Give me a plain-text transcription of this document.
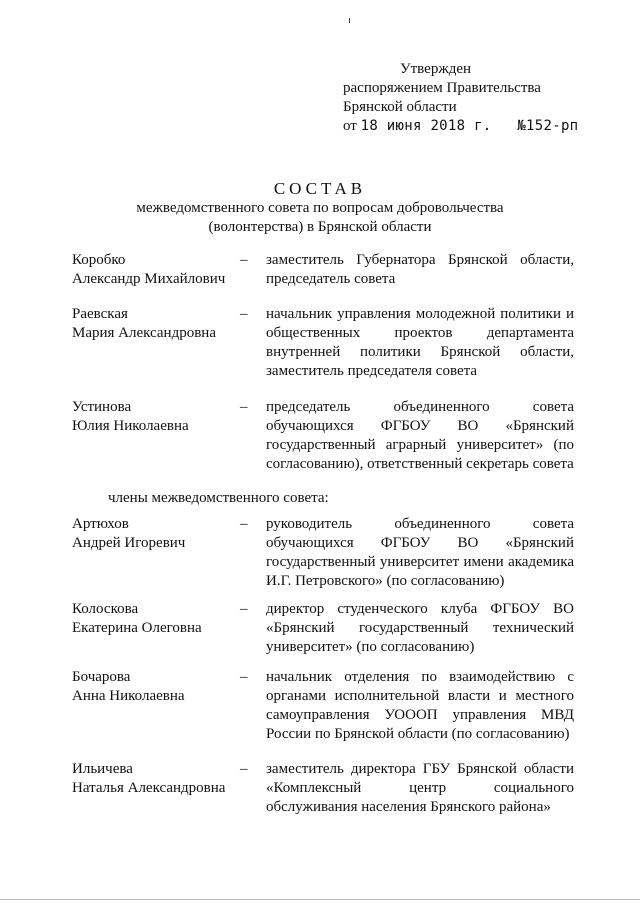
Утвержден
распоряжением Правительства
Брянской области
от 18 июня 2018 г. №152-рп
СОСТАВ
межведомственного совета по вопросам добровольчества
(волонтерства) в Брянской области
Коробко
Александр Михайлович
–	заместитель Губернатора Брянской области, председатель совета
Раевская
Мария Александровна
–	начальник управления молодежной политики и общественных проектов департамента внутренней политики Брянской области, заместитель председателя совета
Устинова
Юлия Николаевна
–	председатель объединенного совета обучающихся ФГБОУ ВО «Брянский государственный аграрный университет» (по согласованию), ответственный секретарь совета
члены межведомственного совета:
Артюхов
Андрей Игоревич
–	руководитель объединенного совета обучающихся ФГБОУ ВО «Брянский государственный университет имени академика И.Г. Петровского» (по согласованию)
Колоскова
Екатерина Олеговна
–	директор студенческого клуба ФГБОУ ВО «Брянский государственный технический университет» (по согласованию)
Бочарова
Анна Николаевна
–	начальник отделения по взаимодействию с органами исполнительной власти и местного самоуправления УОООП управления МВД России по Брянской области (по согласованию)
Ильичева
Наталья Александровна
–	заместитель директора ГБУ Брянской области «Комплексный центр социального обслуживания населения Брянского района»
